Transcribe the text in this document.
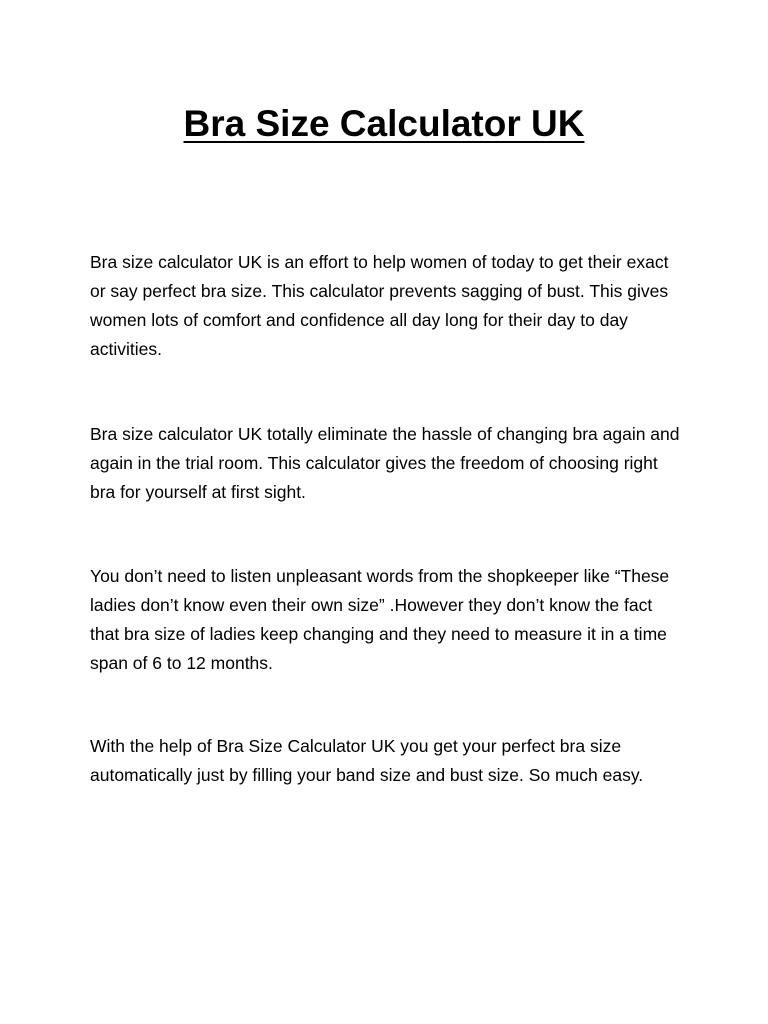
Bra Size Calculator UK

Bra size calculator UK is an effort to help women of today to get their exact or say perfect bra size. This calculator prevents sagging of bust. This gives women lots of comfort and confidence all day long for their day to day activities.

Bra size calculator UK totally eliminate the hassle of changing bra again and again in the trial room. This calculator gives the freedom of choosing right bra for yourself at first sight.

You don’t need to listen unpleasant words from the shopkeeper like “These ladies don’t know even their own size” .However they don’t know the fact that bra size of ladies keep changing and they need to measure it in a time span of 6 to 12 months.

With the help of Bra Size Calculator UK you get your perfect bra size automatically just by filling your band size and bust size. So much easy.
